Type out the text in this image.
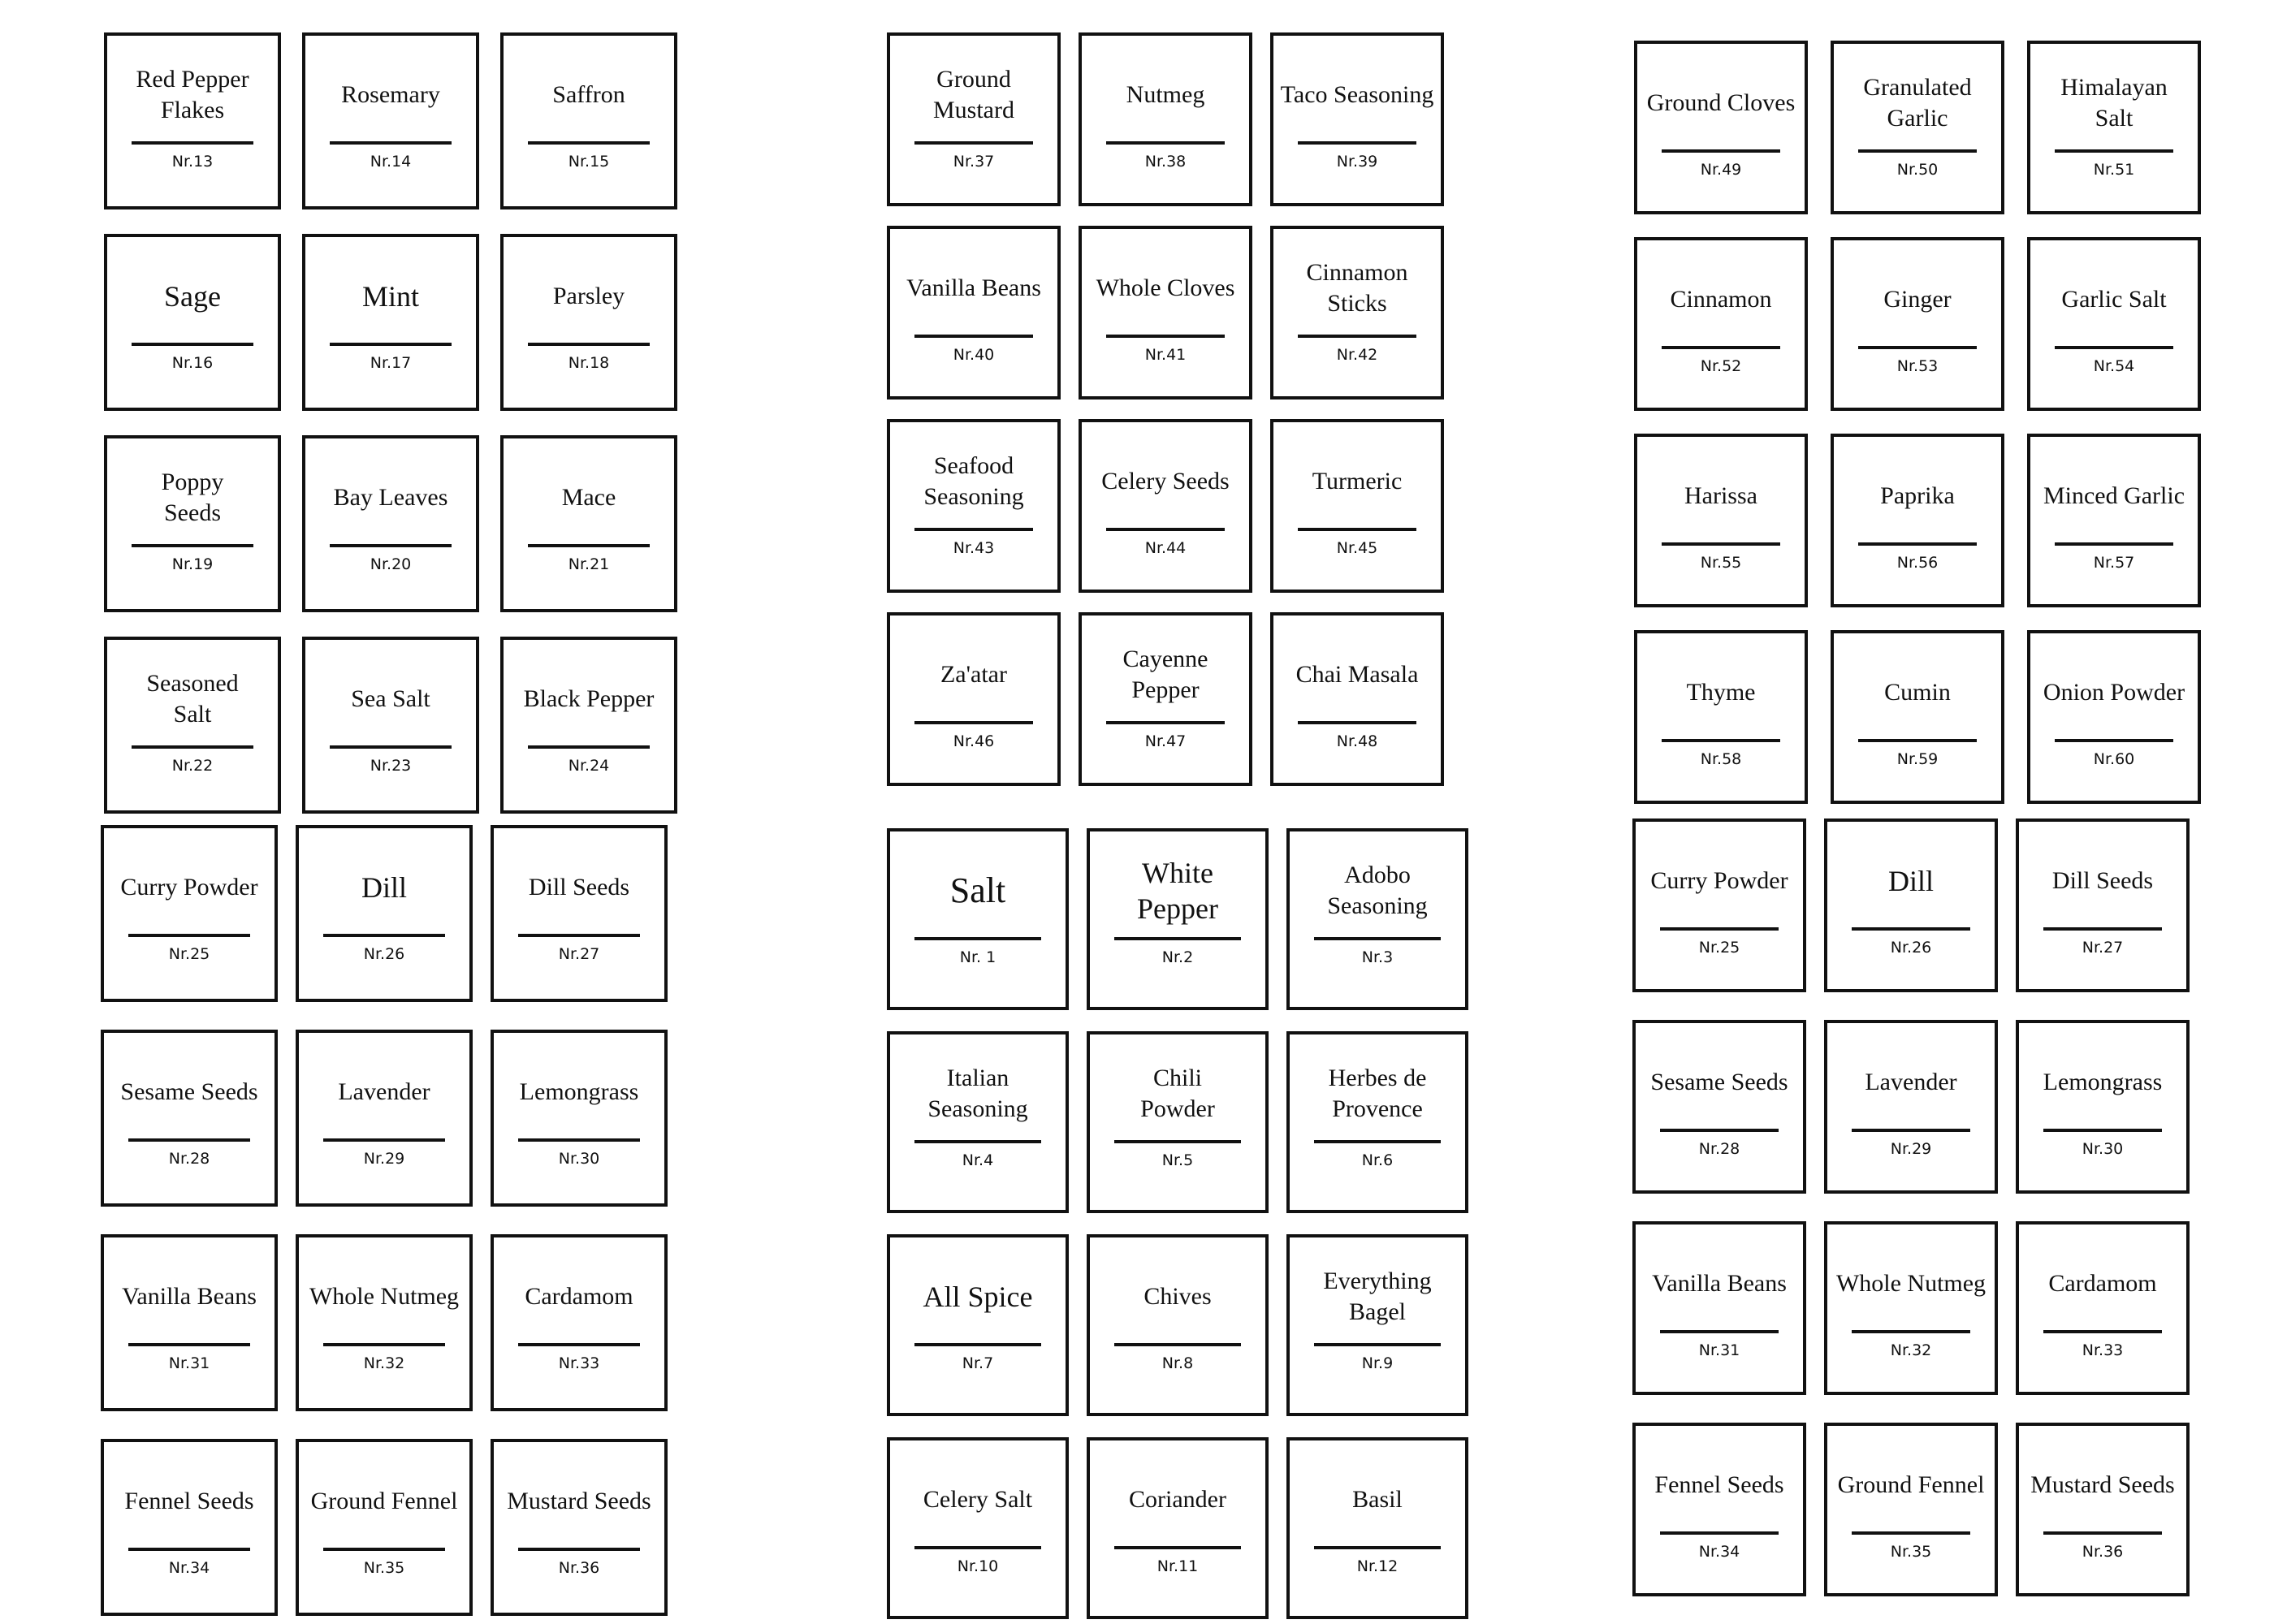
Red Pepper
Flakes
Nr.13
Rosemary
Nr.14
Saffron
Nr.15
Sage
Nr.16
Mint
Nr.17
Parsley
Nr.18
Poppy
Seeds
Nr.19
Bay Leaves
Nr.20
Mace
Nr.21
Seasoned
Salt
Nr.22
Sea Salt
Nr.23
Black Pepper
Nr.24
Ground
Mustard
Nr.37
Nutmeg
Nr.38
Taco Seasoning
Nr.39
Vanilla Beans
Nr.40
Whole Cloves
Nr.41
Cinnamon
Sticks
Nr.42
Seafood
Seasoning
Nr.43
Celery Seeds
Nr.44
Turmeric
Nr.45
Za'atar
Nr.46
Cayenne
Pepper
Nr.47
Chai Masala
Nr.48
Ground Cloves
Nr.49
Granulated
Garlic
Nr.50
Himalayan
Salt
Nr.51
Cinnamon
Nr.52
Ginger
Nr.53
Garlic Salt
Nr.54
Harissa
Nr.55
Paprika
Nr.56
Minced Garlic
Nr.57
Thyme
Nr.58
Cumin
Nr.59
Onion Powder
Nr.60
Curry Powder
Nr.25
Dill
Nr.26
Dill Seeds
Nr.27
Sesame Seeds
Nr.28
Lavender
Nr.29
Lemongrass
Nr.30
Vanilla Beans
Nr.31
Whole Nutmeg
Nr.32
Cardamom
Nr.33
Fennel Seeds
Nr.34
Ground Fennel
Nr.35
Mustard Seeds
Nr.36
Salt
Nr. 1
White
Pepper
Nr.2
Adobo
Seasoning
Nr.3
Italian
Seasoning
Nr.4
Chili
Powder
Nr.5
Herbes de
Provence
Nr.6
All Spice
Nr.7
Chives
Nr.8
Everything
Bagel
Nr.9
Celery Salt
Nr.10
Coriander
Nr.11
Basil
Nr.12
Curry Powder
Nr.25
Dill
Nr.26
Dill Seeds
Nr.27
Sesame Seeds
Nr.28
Lavender
Nr.29
Lemongrass
Nr.30
Vanilla Beans
Nr.31
Whole Nutmeg
Nr.32
Cardamom
Nr.33
Fennel Seeds
Nr.34
Ground Fennel
Nr.35
Mustard Seeds
Nr.36
